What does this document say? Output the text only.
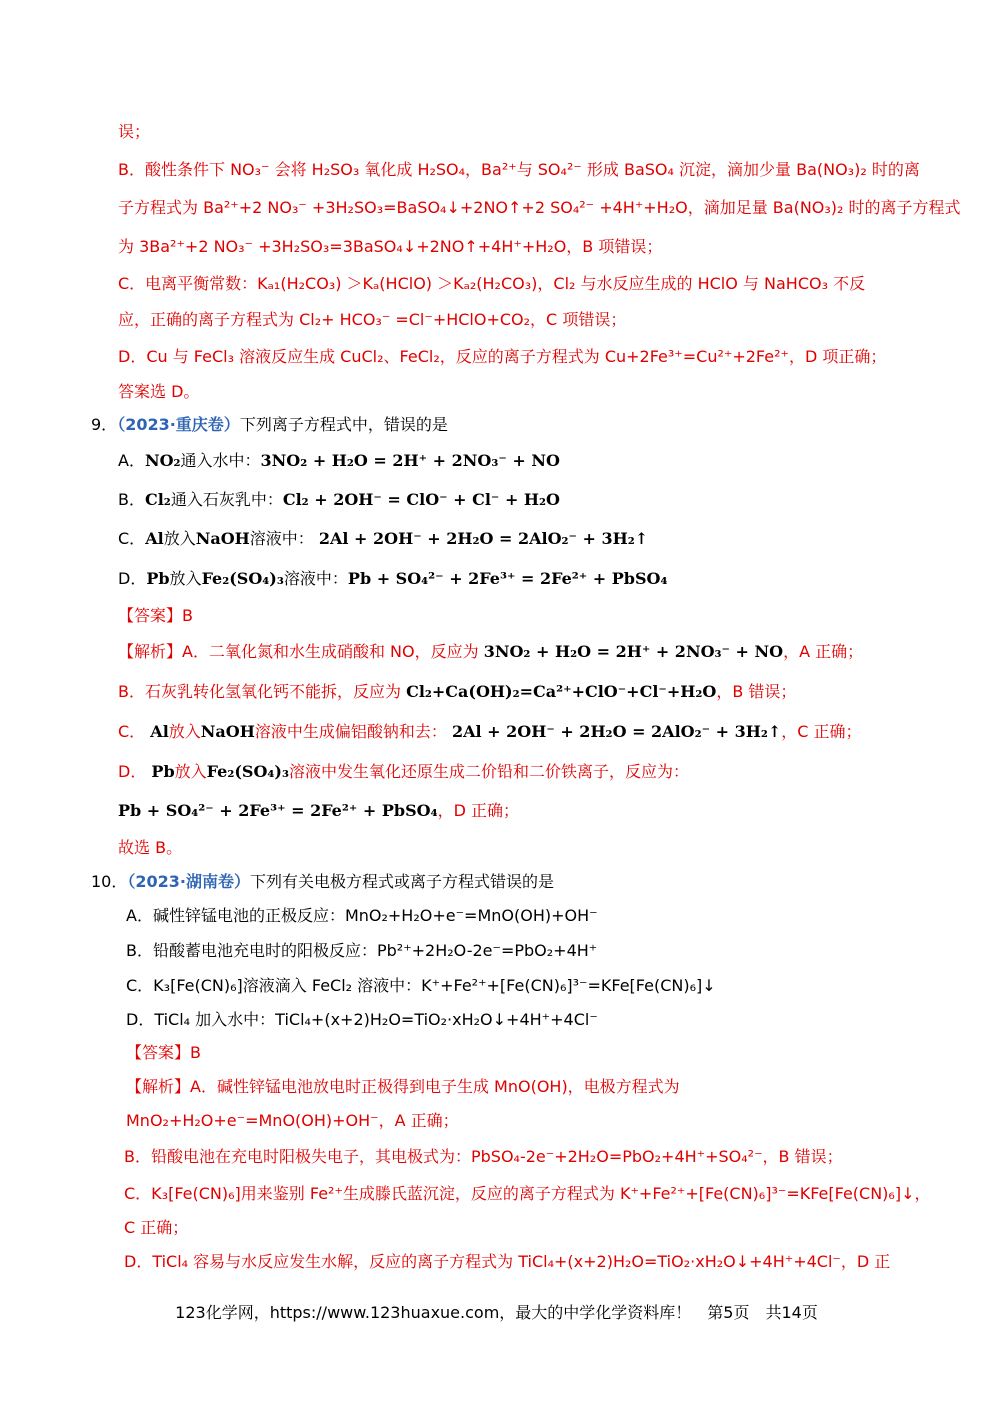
误；
B．酸性条件下 NO₃⁻ 会将 H₂SO₃ 氧化成 H₂SO₄，Ba²⁺与 SO₄²⁻ 形成 BaSO₄ 沉淀，滴加少量 Ba(NO₃)₂ 时的离
子方程式为 Ba²⁺+2 NO₃⁻ +3H₂SO₃=BaSO₄↓+2NO↑+2 SO₄²⁻ +4H⁺+H₂O，滴加足量 Ba(NO₃)₂ 时的离子方程式
为 3Ba²⁺+2 NO₃⁻ +3H₂SO₃=3BaSO₄↓+2NO↑+4H⁺+H₂O，B 项错误；
C．电离平衡常数：Kₐ₁(H₂CO₃) ＞Kₐ(HClO) ＞Kₐ₂(H₂CO₃)，Cl₂ 与水反应生成的 HClO 与 NaHCO₃ 不反
应，正确的离子方程式为 Cl₂+ HCO₃⁻ =Cl⁻+HClO+CO₂，C 项错误；
D．Cu 与 FeCl₃ 溶液反应生成 CuCl₂、FeCl₂，反应的离子方程式为 Cu+2Fe³⁺=Cu²⁺+2Fe²⁺，D 项正确；
答案选 D。
9．（2023·重庆卷）下列离子方程式中，错误的是
A．NO₂通入水中：3NO₂ + H₂O = 2H⁺ + 2NO₃⁻ + NO
B．Cl₂通入石灰乳中：Cl₂ + 2OH⁻ = ClO⁻ + Cl⁻ + H₂O
C．Al放入NaOH溶液中： 2Al + 2OH⁻ + 2H₂O = 2AlO₂⁻ + 3H₂↑
D．Pb放入Fe₂(SO₄)₃溶液中：Pb + SO₄²⁻ + 2Fe³⁺ = 2Fe²⁺ + PbSO₄
【答案】B
【解析】A．二氧化氮和水生成硝酸和 NO，反应为 3NO₂ + H₂O = 2H⁺ + 2NO₃⁻ + NO，A 正确；
B．石灰乳转化氢氧化钙不能拆，反应为 Cl₂+Ca(OH)₂=Ca²⁺+ClO⁻+Cl⁻+H₂O，B 错误；
C． Al放入NaOH溶液中生成偏铝酸钠和去： 2Al + 2OH⁻ + 2H₂O = 2AlO₂⁻ + 3H₂↑，C 正确；
D． Pb放入Fe₂(SO₄)₃溶液中发生氧化还原生成二价铅和二价铁离子，反应为：
Pb + SO₄²⁻ + 2Fe³⁺ = 2Fe²⁺ + PbSO₄，D 正确；
故选 B。
10．（2023·湖南卷）下列有关电极方程式或离子方程式错误的是
A．碱性锌锰电池的正极反应：MnO₂+H₂O+e⁻=MnO(OH)+OH⁻
B．铅酸蓄电池充电时的阳极反应：Pb²⁺+2H₂O-2e⁻=PbO₂+4H⁺
C．K₃[Fe(CN)₆]溶液滴入 FeCl₂ 溶液中：K⁺+Fe²⁺+[Fe(CN)₆]³⁻=KFe[Fe(CN)₆]↓
D．TiCl₄ 加入水中：TiCl₄+(x+2)H₂O=TiO₂·xH₂O↓+4H⁺+4Cl⁻
【答案】B
【解析】A．碱性锌锰电池放电时正极得到电子生成 MnO(OH)，电极方程式为
MnO₂+H₂O+e⁻=MnO(OH)+OH⁻，A 正确；
B．铅酸电池在充电时阳极失电子，其电极式为：PbSO₄-2e⁻+2H₂O=PbO₂+4H⁺+SO₄²⁻，B 错误；
C．K₃[Fe(CN)₆]用来鉴别 Fe²⁺生成滕氏蓝沉淀，反应的离子方程式为 K⁺+Fe²⁺+[Fe(CN)₆]³⁻=KFe[Fe(CN)₆]↓，
C 正确；
D．TiCl₄ 容易与水反应发生水解，反应的离子方程式为 TiCl₄+(x+2)H₂O=TiO₂·xH₂O↓+4H⁺+4Cl⁻，D 正
123化学网，https://www.123huaxue.com，最大的中学化学资料库！　第5页　共14页
